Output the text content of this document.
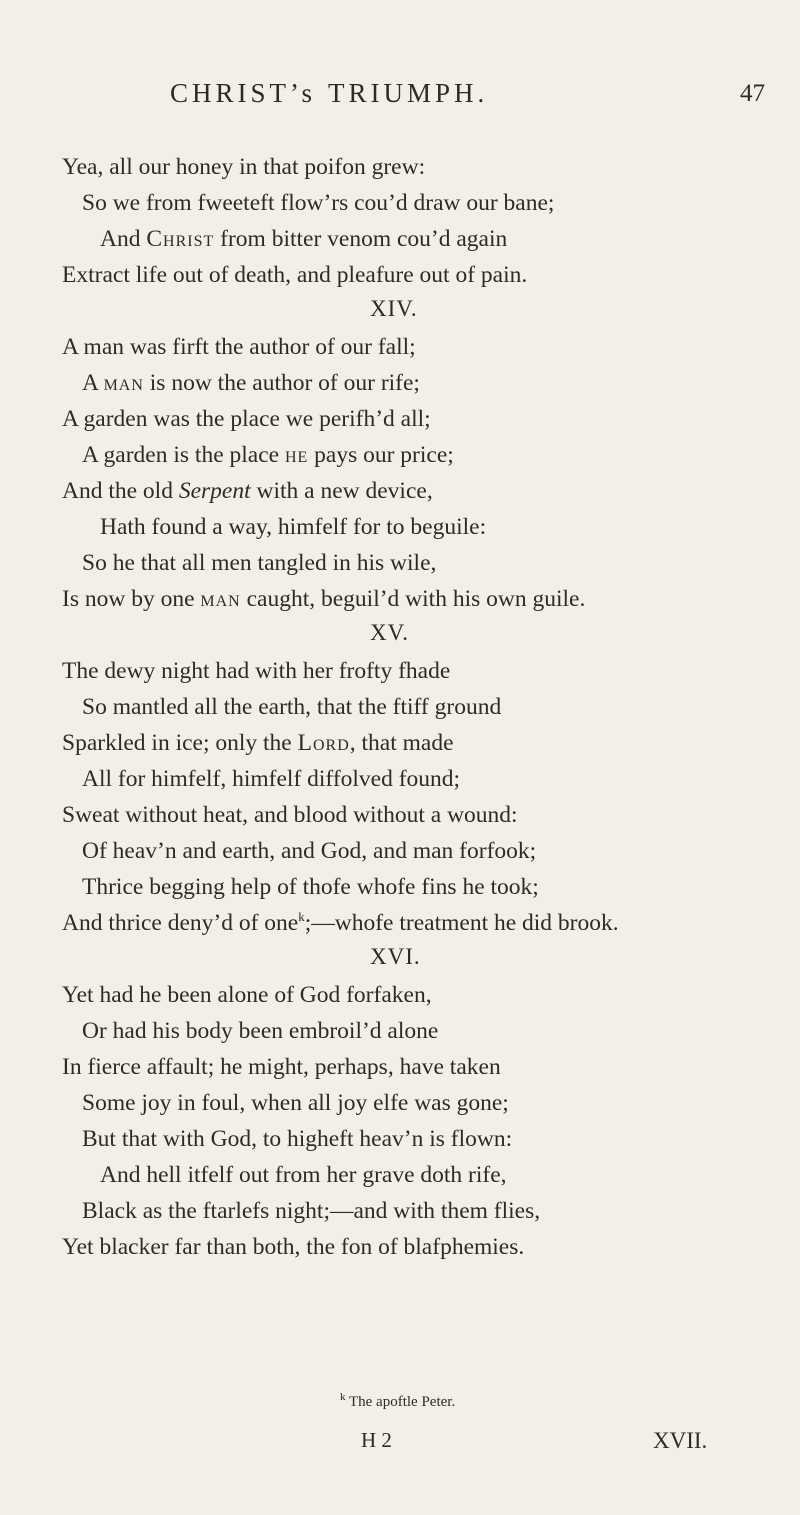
CHRIST’s TRIUMPH.	47
Yea, all our honey in that poifon grew:
So we from fweeteft flow’rs cou’d draw our bane;
And Christ from bitter venom cou’d again
Extract life out of death, and pleafure out of pain.
XIV.
A man was firft the author of our fall;
A man is now the author of our rife;
A garden was the place we perifh’d all;
A garden is the place he pays our price;
And the old Serpent with a new device,
Hath found a way, himfelf for to beguile:
So he that all men tangled in his wile,
Is now by one man caught, beguil’d with his own guile.
XV.
The dewy night had with her frofty fhade
So mantled all the earth, that the ftiff ground
Sparkled in ice; only the Lord, that made
All for himfelf, himfelf diffolved found;
Sweat without heat, and blood without a wound:
Of heav’n and earth, and God, and man forfook;
Thrice begging help of thofe whofe fins he took;
And thrice deny’d of one$^k$;—whofe treatment he did brook.
XVI.
Yet had he been alone of God forfaken,
Or had his body been embroil’d alone
In fierce affault; he might, perhaps, have taken
Some joy in foul, when all joy elfe was gone;
But that with God, to higheft heav’n is flown:
And hell itfelf out from her grave doth rife,
Black as the ftarlefs night;—and with them flies,
Yet blacker far than both, the fon of blafphemies.
$^k$ The apoftle Peter.
H 2	XVII.
